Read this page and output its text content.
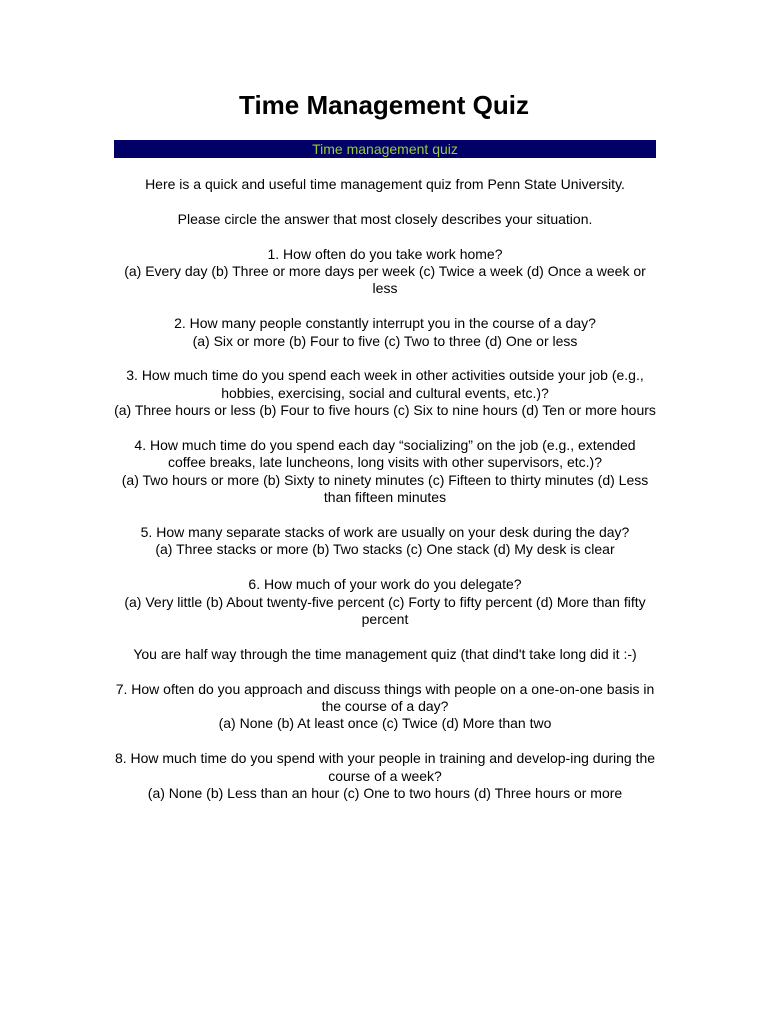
Time Management Quiz
Time management quiz

Here is a quick and useful time management quiz from Penn State University.

Please circle the answer that most closely describes your situation.

1. How often do you take work home?
(a) Every day (b) Three or more days per week (c) Twice a week (d) Once a week or less

2. How many people constantly interrupt you in the course of a day?
(a) Six or more (b) Four to five (c) Two to three (d) One or less

3. How much time do you spend each week in other activities outside your job (e.g., hobbies, exercising, social and cultural events, etc.)?
(a) Three hours or less (b) Four to five hours (c) Six to nine hours (d) Ten or more hours

4. How much time do you spend each day “socializing” on the job (e.g., extended coffee breaks, late luncheons, long visits with other supervisors, etc.)?
(a) Two hours or more (b) Sixty to ninety minutes (c) Fifteen to thirty minutes (d) Less than fifteen minutes

5. How many separate stacks of work are usually on your desk during the day?
(a) Three stacks or more (b) Two stacks (c) One stack (d) My desk is clear

6. How much of your work do you delegate?
(a) Very little (b) About twenty-five percent (c) Forty to fifty percent (d) More than fifty percent

You are half way through the time management quiz (that dind't take long did it :-)

7. How often do you approach and discuss things with people on a one-on-one basis in the course of a day?
(a) None (b) At least once (c) Twice (d) More than two

8. How much time do you spend with your people in training and develop-ing during the course of a week?
(a) None (b) Less than an hour (c) One to two hours (d) Three hours or more
